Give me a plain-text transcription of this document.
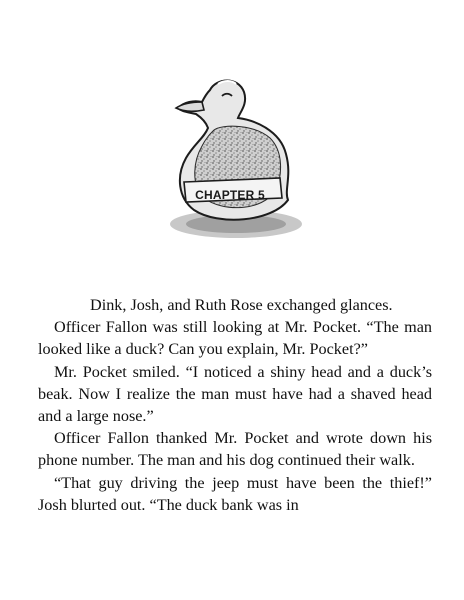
CHAPTER 5

Dink, Josh, and Ruth Rose exchanged glances.

Officer Fallon was still looking at Mr. Pocket. “The man looked like a duck? Can you explain, Mr. Pocket?”

Mr. Pocket smiled. “I noticed a shiny head and a duck’s beak. Now I realize the man must have had a shaved head and a large nose.”

Officer Fallon thanked Mr. Pocket and wrote down his phone number. The man and his dog continued their walk.

“That guy driving the jeep must have been the thief!” Josh blurted out. “The duck bank was in
